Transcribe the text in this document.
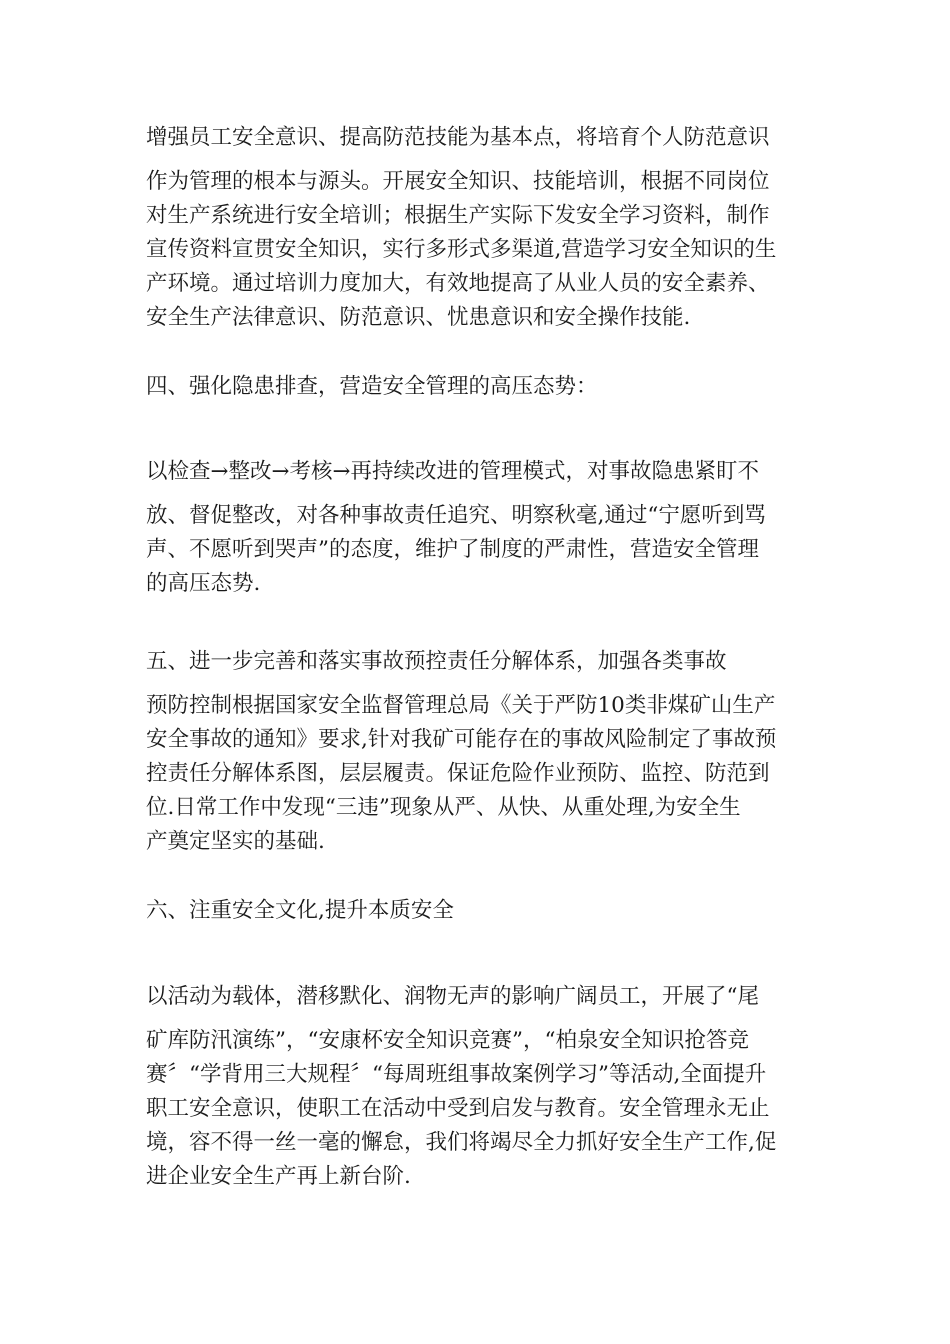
增强员工安全意识、提高防范技能为基本点，将培育个人防范意识
作为管理的根本与源头。开展安全知识、技能培训，根据不同岗位
对生产系统进行安全培训；根据生产实际下发安全学习资料，制作
宣传资料宣贯安全知识，实行多形式多渠道,营造学习安全知识的生
产环境。通过培训力度加大，有效地提高了从业人员的安全素养、
安全生产法律意识、防范意识、忧患意识和安全操作技能.
四、强化隐患排查，营造安全管理的高压态势：
以检查→整改→考核→再持续改进的管理模式，对事故隐患紧盯不
放、督促整改，对各种事故责任追究、明察秋毫,通过“宁愿听到骂
声、不愿听到哭声”的态度，维护了制度的严肃性，营造安全管理
的高压态势.
五、进一步完善和落实事故预控责任分解体系，加强各类事故
预防控制根据国家安全监督管理总局《关于严防10类非煤矿山生产
安全事故的通知》要求,针对我矿可能存在的事故风险制定了事故预
控责任分解体系图，层层履责。保证危险作业预防、监控、防范到
位.日常工作中发现“三违”现象从严、从快、从重处理,为安全生
产奠定坚实的基础.
六、注重安全文化,提升本质安全
以活动为载体，潜移默化、润物无声的影响广阔员工，开展了“尾
矿库防汛演练”，“安康杯安全知识竞赛”，“柏泉安全知识抢答竞
赛〞“学背用三大规程〞“每周班组事故案例学习”等活动,全面提升
职工安全意识，使职工在活动中受到启发与教育。安全管理永无止
境，容不得一丝一毫的懈怠，我们将竭尽全力抓好安全生产工作,促
进企业安全生产再上新台阶.
